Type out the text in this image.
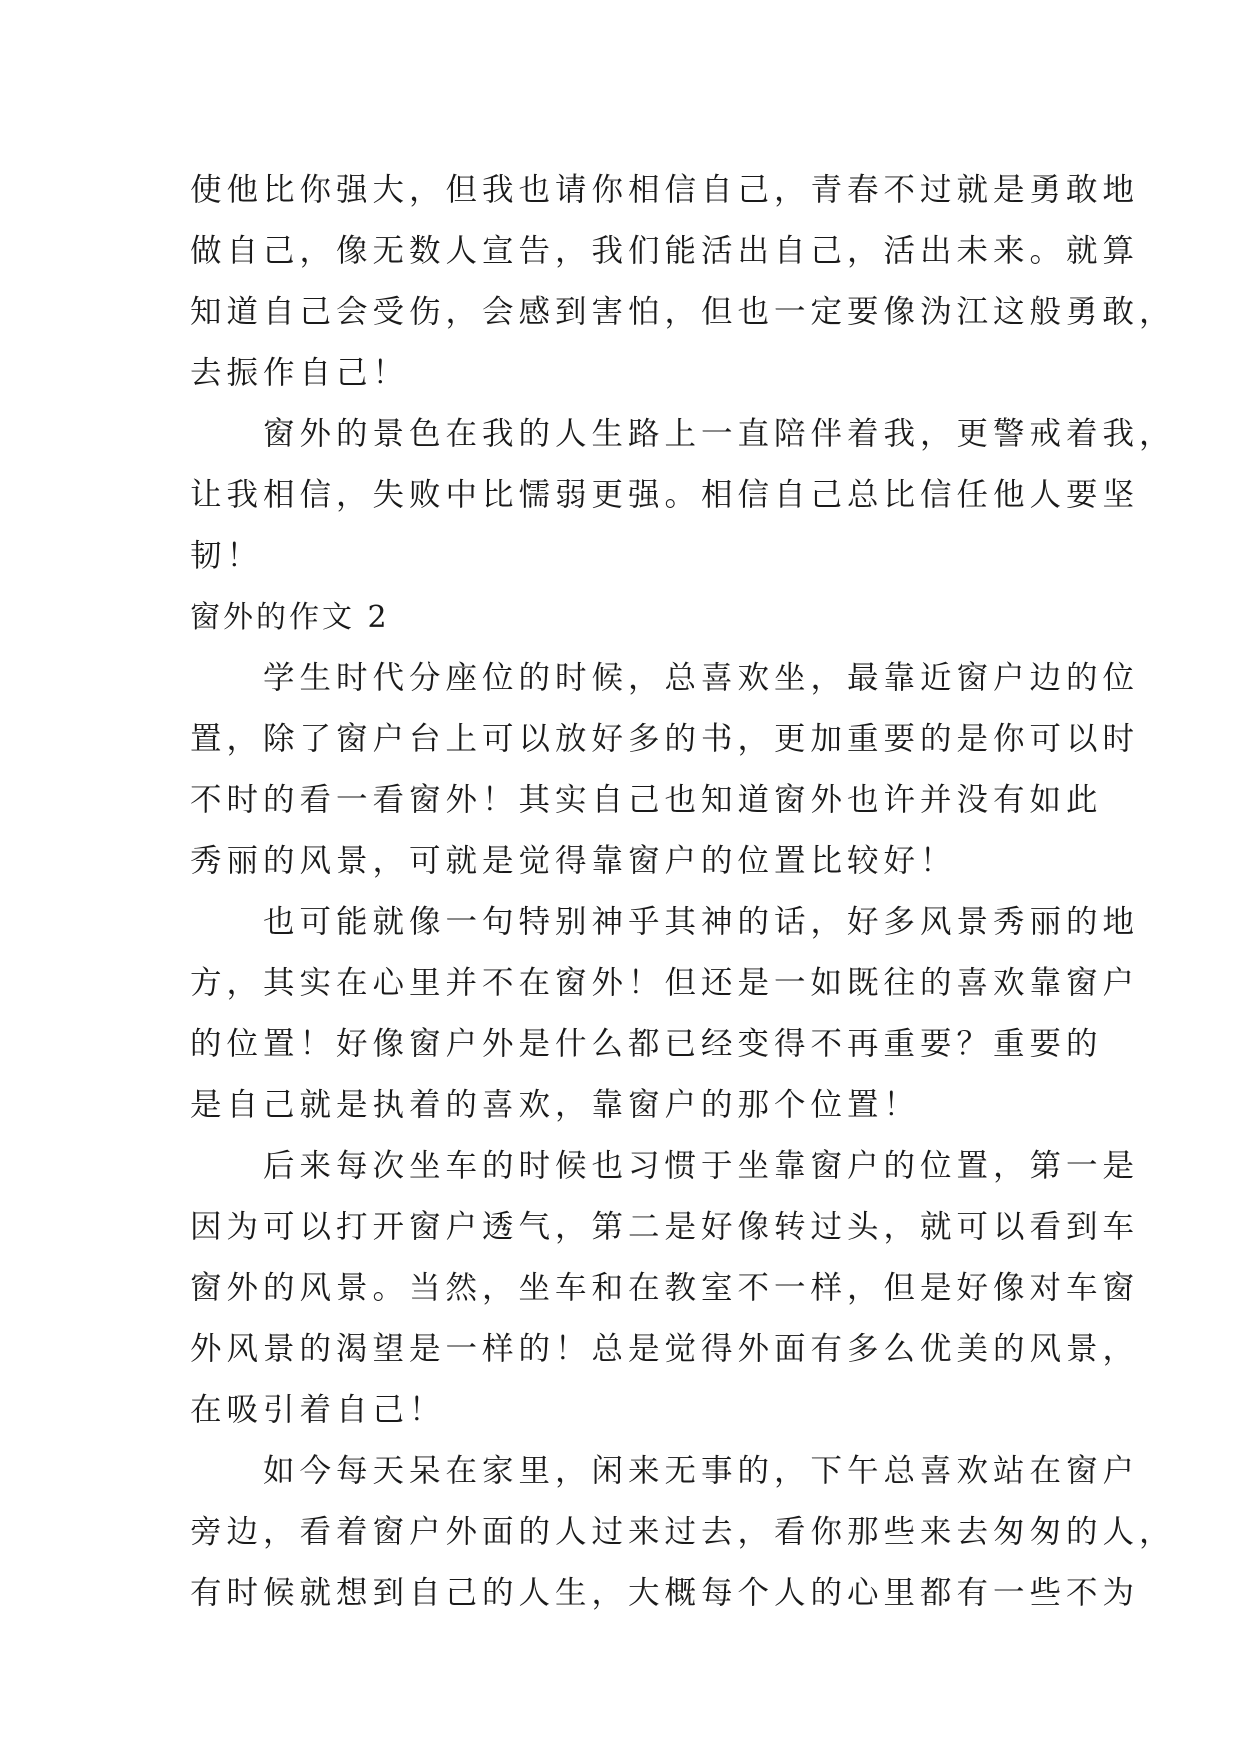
使他比你强大，但我也请你相信自己，青春不过就是勇敢地
做自己，像无数人宣告，我们能活出自己，活出未来。就算
知道自己会受伤，会感到害怕，但也一定要像沩江这般勇敢，
去振作自己！
　　窗外的景色在我的人生路上一直陪伴着我，更警戒着我，
让我相信，失败中比懦弱更强。相信自己总比信任他人要坚
韧！
窗外的作文 2
　　学生时代分座位的时候，总喜欢坐，最靠近窗户边的位
置，除了窗户台上可以放好多的书，更加重要的是你可以时
不时的看一看窗外！其实自己也知道窗外也许并没有如此
秀丽的风景，可就是觉得靠窗户的位置比较好！
　　也可能就像一句特别神乎其神的话，好多风景秀丽的地
方，其实在心里并不在窗外！但还是一如既往的喜欢靠窗户
的位置！好像窗户外是什么都已经变得不再重要？重要的
是自己就是执着的喜欢，靠窗户的那个位置！
　　后来每次坐车的时候也习惯于坐靠窗户的位置，第一是
因为可以打开窗户透气，第二是好像转过头，就可以看到车
窗外的风景。当然，坐车和在教室不一样，但是好像对车窗
外风景的渴望是一样的！总是觉得外面有多么优美的风景，
在吸引着自己！
　　如今每天呆在家里，闲来无事的，下午总喜欢站在窗户
旁边，看着窗户外面的人过来过去，看你那些来去匆匆的人，
有时候就想到自己的人生，大概每个人的心里都有一些不为
